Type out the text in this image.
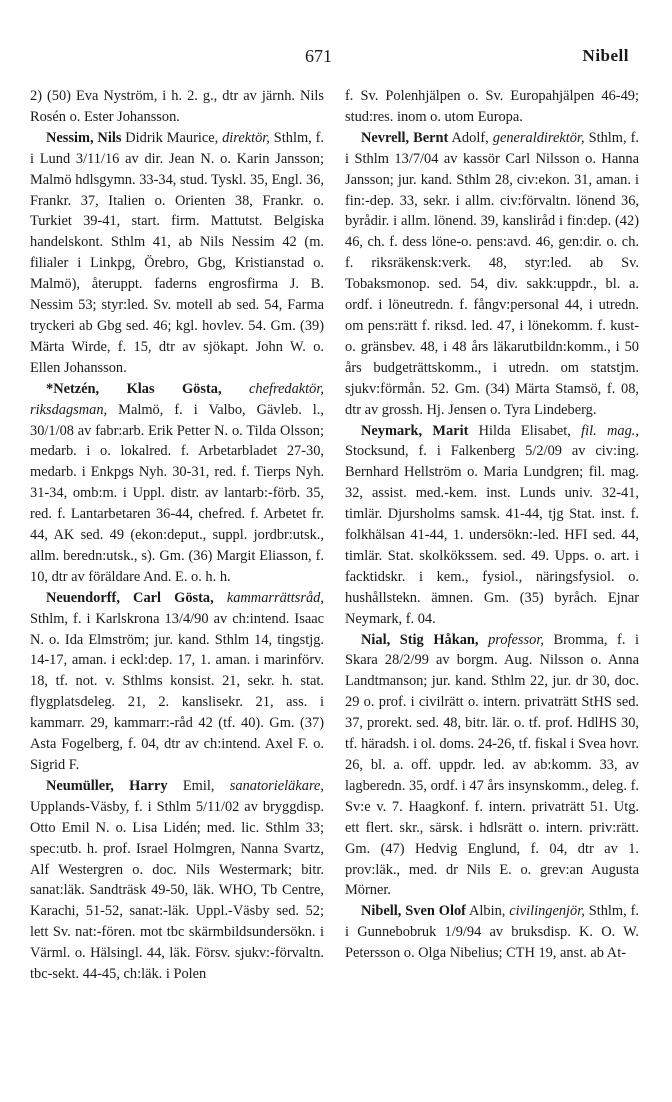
671	Nibell

2) (50) Eva Nyström, i h. 2. g., dtr av järnh. Nils Rosén o. Ester Johansson.

Nessim, Nils Didrik Maurice, direktör, Sthlm, f. i Lund 3/11/16 av dir. Jean N. o. Karin Jansson; Malmö hdlsgymn. 33-34, stud. Tyskl. 35, Engl. 36, Frankr. 37, Italien o. Orienten 38, Frankr. o. Turkiet 39-41, start. firm. Mattutst. Belgiska handelskont. Sthlm 41, ab Nils Nessim 42 (m. filialer i Linkpg, Örebro, Gbg, Kristianstad o. Malmö), återuppt. faderns engrosfirma J. B. Nessim 53; styr:led. Sv. motell ab sed. 54, Farma tryckeri ab Gbg sed. 46; kgl. hovlev. 54. Gm. (39) Märta Wirde, f. 15, dtr av sjökapt. John W. o. Ellen Johansson.

*Netzén, Klas Gösta, chefredaktör, riksdagsman, Malmö, f. i Valbo, Gävleb. l., 30/1/08 av fabr:arb. Erik Petter N. o. Tilda Olsson; medarb. i o. lokalred. f. Arbetarbladet 27-30, medarb. i Enkpgs Nyh. 30-31, red. f. Tierps Nyh. 31-34, omb:m. i Uppl. distr. av lantarb:-förb. 35, red. f. Lantarbetaren 36-44, chefred. f. Arbetet fr. 44, AK sed. 49 (ekon:deput., suppl. jordbr:utsk., allm. beredn:utsk., s). Gm. (36) Margit Eliasson, f. 10, dtr av föräldare And. E. o. h. h.

Neuendorff, Carl Gösta, kammarrättsråd, Sthlm, f. i Karlskrona 13/4/90 av ch:intend. Isaac N. o. Ida Elmström; jur. kand. Sthlm 14, tingstjg. 14-17, aman. i eckl:dep. 17, 1. aman. i marinförv. 18, tf. not. v. Sthlms konsist. 21, sekr. h. stat. flygplatsdeleg. 21, 2. kanslisekr. 21, ass. i kammarr. 29, kammarr:-råd 42 (tf. 40). Gm. (37) Asta Fogelberg, f. 04, dtr av ch:intend. Axel F. o. Sigrid F.

Neumüller, Harry Emil, sanatorieläkare, Upplands-Väsby, f. i Sthlm 5/11/02 av bryggdisp. Otto Emil N. o. Lisa Lidén; med. lic. Sthlm 33; spec:utb. h. prof. Israel Holmgren, Nanna Svartz, Alf Westergren o. doc. Nils Westermark; bitr. sanat:läk. Sandträsk 49-50, läk. WHO, Tb Centre, Karachi, 51-52, sanat:-läk. Uppl.-Väsby sed. 52; lett Sv. nat:-fören. mot tbc skärmbildsundersökn. i Värml. o. Hälsingl. 44, läk. Försv. sjukv:-förvaltn. tbc-sekt. 44-45, ch:läk. i Polen

f. Sv. Polenhjälpen o. Sv. Europahjälpen 46-49; stud:res. inom o. utom Europa.

Nevrell, Bernt Adolf, generaldirektör, Sthlm, f. i Sthlm 13/7/04 av kassör Carl Nilsson o. Hanna Jansson; jur. kand. Sthlm 28, civ:ekon. 31, aman. i fin:-dep. 33, sekr. i allm. civ:förvaltn. lönend 36, byrådir. i allm. lönend. 39, kansliråd i fin:dep. (42) 46, ch. f. dess löne-o. pens:avd. 46, gen:dir. o. ch. f. riksräkensk:verk. 48, styr:led. ab Sv. Tobaksmonop. sed. 54, div. sakk:uppdr., bl. a. ordf. i löneutredn. f. fångv:personal 44, i utredn. om pens:rätt f. riksd. led. 47, i lönekomm. f. kust- o. gränsbev. 48, i 48 års läkarutbildn:komm., i 50 års budgeträttskomm., i utredn. om statstjm. sjukv:förmån. 52. Gm. (34) Märta Stamsö, f. 08, dtr av grossh. Hj. Jensen o. Tyra Lindeberg.

Neymark, Marit Hilda Elisabet, fil. mag., Stocksund, f. i Falkenberg 5/2/09 av civ:ing. Bernhard Hellström o. Maria Lundgren; fil. mag. 32, assist. med.-kem. inst. Lunds univ. 32-41, timlär. Djursholms samsk. 41-44, tjg Stat. inst. f. folkhälsan 41-44, 1. undersökn:-led. HFI sed. 44, timlär. Stat. skolkökssem. sed. 49. Upps. o. art. i facktidskr. i kem., fysiol., näringsfysiol. o. hushållstekn. ämnen. Gm. (35) byråch. Ejnar Neymark, f. 04.

Nial, Stig Håkan, professor, Bromma, f. i Skara 28/2/99 av borgm. Aug. Nilsson o. Anna Landtmanson; jur. kand. Sthlm 22, jur. dr 30, doc. 29 o. prof. i civilrätt o. intern. privaträtt StHS sed. 37, prorekt. sed. 48, bitr. lär. o. tf. prof. HdlHS 30, tf. häradsh. i ol. doms. 24-26, tf. fiskal i Svea hovr. 26, bl. a. off. uppdr. led. av ab:komm. 33, av lagberedn. 35, ordf. i 47 års insynskomm., deleg. f. Sv:e v. 7. Haagkonf. f. intern. privaträtt 51. Utg. ett flert. skr., särsk. i hdlsrätt o. intern. priv:rätt. Gm. (47) Hedvig Englund, f. 04, dtr av 1. prov:läk., med. dr Nils E. o. grev:an Augusta Mörner.

Nibell, Sven Olof Albin, civilingenjör, Sthlm, f. i Gunnebobruk 1/9/94 av bruksdisp. K. O. W. Petersson o. Olga Nibelius; CTH 19, anst. ab At-
